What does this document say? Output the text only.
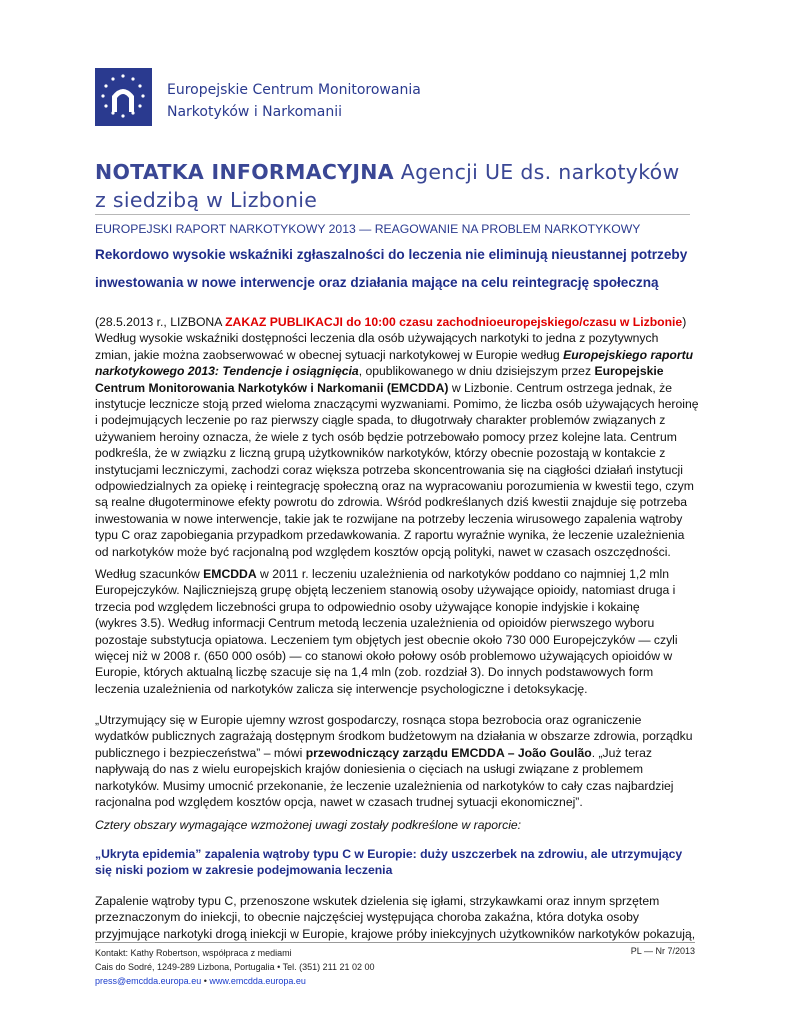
Europejskie Centrum Monitorowania
Narkotyków i Narkomanii
NOTATKA INFORMACYJNA Agencji UE ds. narkotyków
z siedzibą w Lizbonie
EUROPEJSKI RAPORT NARKOTYKOWY 2013 — REAGOWANIE NA PROBLEM NARKOTYKOWY
Rekordowo wysokie wskaźniki zgłaszalności do leczenia nie eliminują nieustannej potrzeby
inwestowania w nowe interwencje oraz działania mające na celu reintegrację społeczną
(28.5.2013 r., LIZBONA ZAKAZ PUBLIKACJI do 10:00 czasu zachodnioeuropejskiego/czasu w Lizbonie)
Według wysokie wskaźniki dostępności leczenia dla osób używających narkotyki to jedna z pozytywnych
zmian, jakie można zaobserwować w obecnej sytuacji narkotykowej w Europie według Europejskiego raportu
narkotykowego 2013: Tendencje i osiągnięcia, opublikowanego w dniu dzisiejszym przez Europejskie
Centrum Monitorowania Narkotyków i Narkomanii (EMCDDA) w Lizbonie. Centrum ostrzega jednak, że
instytucje lecznicze stoją przed wieloma znaczącymi wyzwaniami. Pomimo, że liczba osób używających heroinę
i podejmujących leczenie po raz pierwszy ciągle spada, to długotrwały charakter problemów związanych z
używaniem heroiny oznacza, że wiele z tych osób będzie potrzebowało pomocy przez kolejne lata. Centrum
podkreśla, że w związku z liczną grupą użytkowników narkotyków, którzy obecnie pozostają w kontakcie z
instytucjami leczniczymi, zachodzi coraz większa potrzeba skoncentrowania się na ciągłości działań instytucji
odpowiedzialnych za opiekę i reintegrację społeczną oraz na wypracowaniu porozumienia w kwestii tego, czym
są realne długoterminowe efekty powrotu do zdrowia. Wśród podkreślanych dziś kwestii znajduje się potrzeba
inwestowania w nowe interwencje, takie jak te rozwijane na potrzeby leczenia wirusowego zapalenia wątroby
typu C oraz zapobiegania przypadkom przedawkowania. Z raportu wyraźnie wynika, że leczenie uzależnienia
od narkotyków może być racjonalną pod względem kosztów opcją polityki, nawet w czasach oszczędności.
Według szacunków EMCDDA w 2011 r. leczeniu uzależnienia od narkotyków poddano co najmniej 1,2 mln
Europejczyków. Najliczniejszą grupę objętą leczeniem stanowią osoby używające opioidy, natomiast druga i
trzecia pod względem liczebności grupa to odpowiednio osoby używające konopie indyjskie i kokainę
(wykres 3.5). Według informacji Centrum metodą leczenia uzależnienia od opioidów pierwszego wyboru
pozostaje substytucja opiatowa. Leczeniem tym objętych jest obecnie około 730 000 Europejczyków — czyli
więcej niż w 2008 r. (650 000 osób) — co stanowi około połowy osób problemowo używających opioidów w
Europie, których aktualną liczbę szacuje się na 1,4 mln (zob. rozdział 3). Do innych podstawowych form
leczenia uzależnienia od narkotyków zalicza się interwencje psychologiczne i detoksykację.
„Utrzymujący się w Europie ujemny wzrost gospodarczy, rosnąca stopa bezrobocia oraz ograniczenie
wydatków publicznych zagrażają dostępnym środkom budżetowym na działania w obszarze zdrowia, porządku
publicznego i bezpieczeństwa” – mówi przewodniczący zarządu EMCDDA – João Goulão. „Już teraz
napływają do nas z wielu europejskich krajów doniesienia o cięciach na usługi związane z problemem
narkotyków. Musimy umocnić przekonanie, że leczenie uzależnienia od narkotyków to cały czas najbardziej
racjonalna pod względem kosztów opcja, nawet w czasach trudnej sytuacji ekonomicznej”.
Cztery obszary wymagające wzmożonej uwagi zostały podkreślone w raporcie:
„Ukryta epidemia” zapalenia wątroby typu C w Europie: duży uszczerbek na zdrowiu, ale utrzymujący
się niski poziom w zakresie podejmowania leczenia
Zapalenie wątroby typu C, przenoszone wskutek dzielenia się igłami, strzykawkami oraz innym sprzętem
przeznaczonym do iniekcji, to obecnie najczęściej występująca choroba zakaźna, która dotyka osoby
przyjmujące narkotyki drogą iniekcji w Europie, krajowe próby iniekcyjnych użytkowników narkotyków pokazują,
Kontakt: Kathy Robertson, współpraca z mediami
Cais do Sodré, 1249-289 Lizbona, Portugalia • Tel. (351) 211 21 02 00
press@emcdda.europa.eu • www.emcdda.europa.eu
PL — Nr 7/2013
